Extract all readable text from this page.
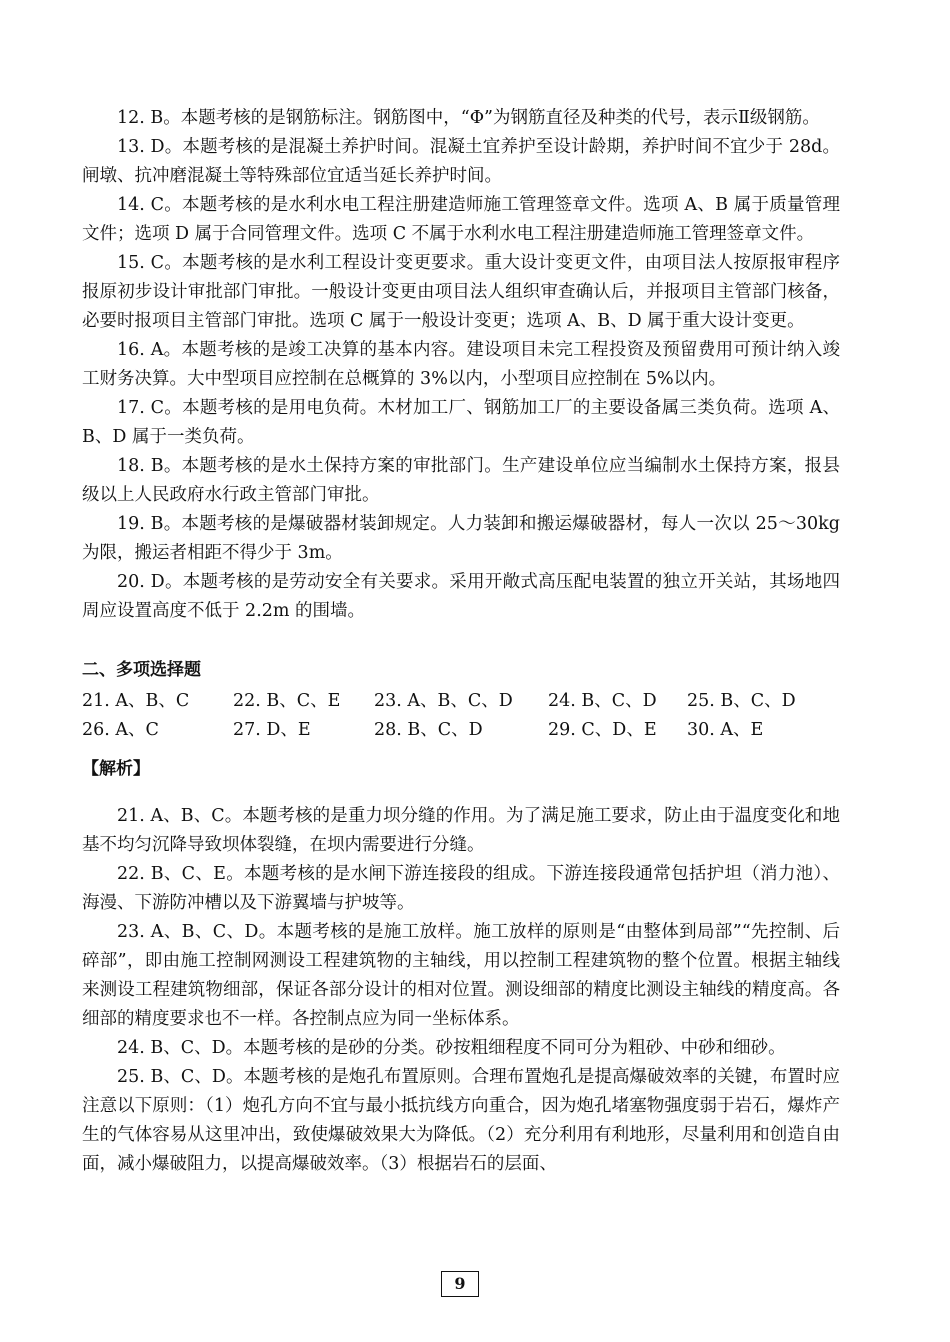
12. B。本题考核的是钢筋标注。钢筋图中，“Φ”为钢筋直径及种类的代号，表示Ⅱ级钢筋。

13. D。本题考核的是混凝土养护时间。混凝土宜养护至设计龄期，养护时间不宜少于 28d。闸墩、抗冲磨混凝土等特殊部位宜适当延长养护时间。

14. C。本题考核的是水利水电工程注册建造师施工管理签章文件。选项 A、B 属于质量管理文件；选项 D 属于合同管理文件。选项 C 不属于水利水电工程注册建造师施工管理签章文件。

15. C。本题考核的是水利工程设计变更要求。重大设计变更文件，由项目法人按原报审程序报原初步设计审批部门审批。一般设计变更由项目法人组织审查确认后，并报项目主管部门核备，必要时报项目主管部门审批。选项 C 属于一般设计变更；选项 A、B、D 属于重大设计变更。

16. A。本题考核的是竣工决算的基本内容。建设项目未完工程投资及预留费用可预计纳入竣工财务决算。大中型项目应控制在总概算的 3%以内，小型项目应控制在 5%以内。

17. C。本题考核的是用电负荷。木材加工厂、钢筋加工厂的主要设备属三类负荷。选项 A、B、D 属于一类负荷。

18. B。本题考核的是水土保持方案的审批部门。生产建设单位应当编制水土保持方案，报县级以上人民政府水行政主管部门审批。

19. B。本题考核的是爆破器材装卸规定。人力装卸和搬运爆破器材，每人一次以 25～30kg 为限，搬运者相距不得少于 3m。

20. D。本题考核的是劳动安全有关要求。采用开敞式高压配电装置的独立开关站，其场地四周应设置高度不低于 2.2m 的围墙。

二、多项选择题
21. A、B、C	22. B、C、E	23. A、B、C、D	24. B、C、D	25. B、C、D
26. A、C	27. D、E	28. B、C、D	29. C、D、E	30. A、E
【解析】

21. A、B、C。本题考核的是重力坝分缝的作用。为了满足施工要求，防止由于温度变化和地基不均匀沉降导致坝体裂缝，在坝内需要进行分缝。

22. B、C、E。本题考核的是水闸下游连接段的组成。下游连接段通常包括护坦（消力池）、海漫、下游防冲槽以及下游翼墙与护坡等。

23. A、B、C、D。本题考核的是施工放样。施工放样的原则是“由整体到局部”“先控制、后碎部”，即由施工控制网测设工程建筑物的主轴线，用以控制工程建筑物的整个位置。根据主轴线来测设工程建筑物细部，保证各部分设计的相对位置。测设细部的精度比测设主轴线的精度高。各细部的精度要求也不一样。各控制点应为同一坐标体系。

24. B、C、D。本题考核的是砂的分类。砂按粗细程度不同可分为粗砂、中砂和细砂。

25. B、C、D。本题考核的是炮孔布置原则。合理布置炮孔是提高爆破效率的关键，布置时应注意以下原则：（1）炮孔方向不宜与最小抵抗线方向重合，因为炮孔堵塞物强度弱于岩石，爆炸产生的气体容易从这里冲出，致使爆破效果大为降低。（2）充分利用有利地形，尽量利用和创造自由面，减小爆破阻力，以提高爆破效率。（3）根据岩石的层面、

9
